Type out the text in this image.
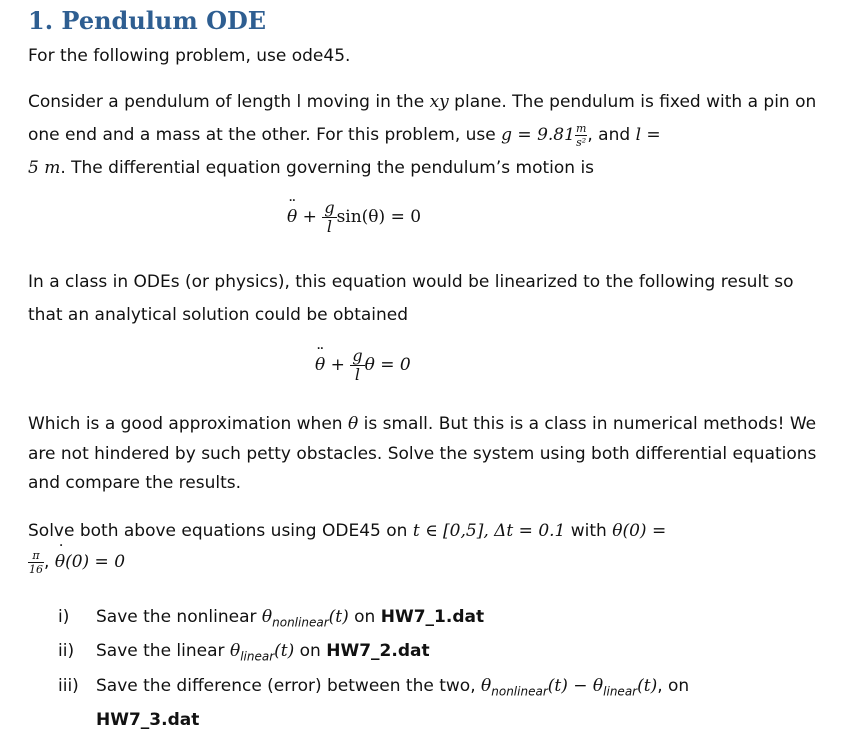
1. Pendulum ODE
For the following problem, use ode45.
Consider a pendulum of length l moving in the xy plane. The pendulum is fixed with a pin on one end and a mass at the other. For this problem, use $g = 9.81 \frac{m}{\text{s²}}$ , and l =
5 m. The differential equation governing the pendulum’s motion is
¨ $\theta + \frac{g}{l} \sin(\theta) = 0$
In a class in ODEs (or physics), this equation would be linearized to the following result so that an analytical solution could be obtained
¨ $\theta + \frac{g}{l}$ θ = 0
Which is a good approximation when θ is small. But this is a class in numerical methods! We are not hindered by such petty obstacles. Solve the system using both differential equations and compare the results.
Solve both above equations using ODE45 on t ∈ [0,5], Δt = 0.1 with θ(0) =

$\frac{\pi}{16}$ , ˙ θ(0) = 0
i)	Save the nonlinear $\theta_{nonlinear}(t)$ on HW7_1.dat
ii)	Save the linear $\theta_{linear}(t)$ on HW7_2.dat
iii)	Save the difference (error) between the two, $\theta_{nonlinear}(t) - \theta_{linear}(t)$, on
HW7_3.dat
